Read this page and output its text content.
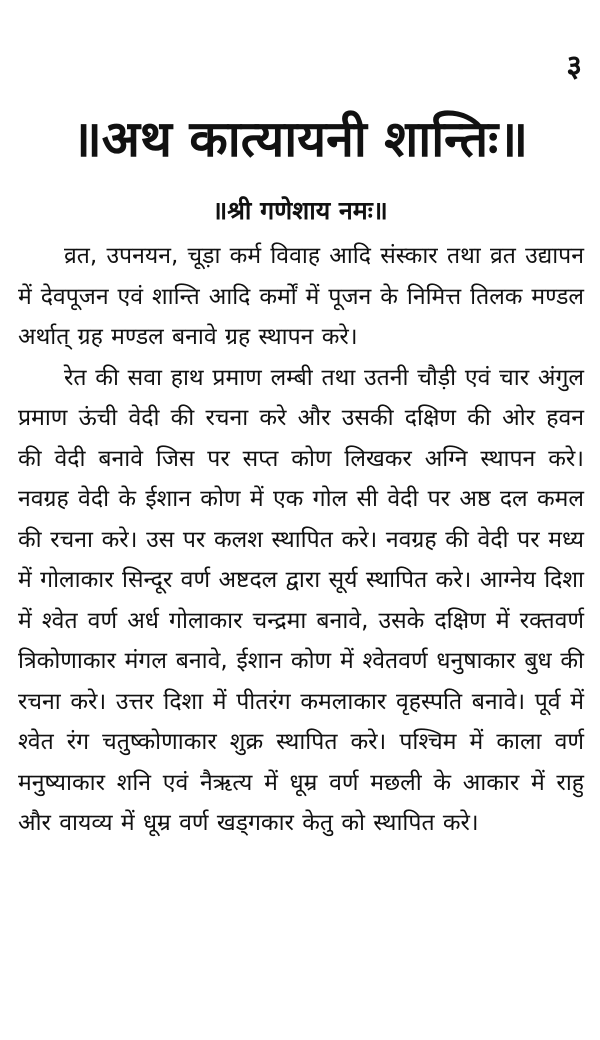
३
॥अथ कात्यायनी शान्तिः॥
॥श्री गणेशाय नमः॥

व्रत, उपनयन, चूड़ा कर्म विवाह आदि संस्कार तथा व्रत उद्यापन में देवपूजन एवं शान्ति आदि कर्मों में पूजन के निमित्त तिलक मण्डल अर्थात् ग्रह मण्डल बनावे ग्रह स्थापन करे।

रेत की सवा हाथ प्रमाण लम्बी तथा उतनी चौड़ी एवं चार अंगुल प्रमाण ऊंची वेदी की रचना करे और उसकी दक्षिण की ओर हवन की वेदी बनावे जिस पर सप्त कोण लिखकर अग्नि स्थापन करे। नवग्रह वेदी के ईशान कोण में एक गोल सी वेदी पर अष्ठ दल कमल की रचना करे। उस पर कलश स्थापित करे। नवग्रह की वेदी पर मध्य में गोलाकार सिन्दूर वर्ण अष्टदल द्वारा सूर्य स्थापित करे। आग्नेय दिशा में श्वेत वर्ण अर्ध गोलाकार चन्द्रमा बनावे, उसके दक्षिण में रक्तवर्ण त्रिकोणाकार मंगल बनावे, ईशान कोण में श्वेतवर्ण धनुषाकार बुध की रचना करे। उत्तर दिशा में पीतरंग कमलाकार वृहस्पति बनावे। पूर्व में श्वेत रंग चतुष्कोणाकार शुक्र स्थापित करे। पश्चिम में काला वर्ण मनुष्याकार शनि एवं नैऋत्य में धूम्र वर्ण मछली के आकार में राहु और वायव्य में धूम्र वर्ण खड्गकार केतु को स्थापित करे।
